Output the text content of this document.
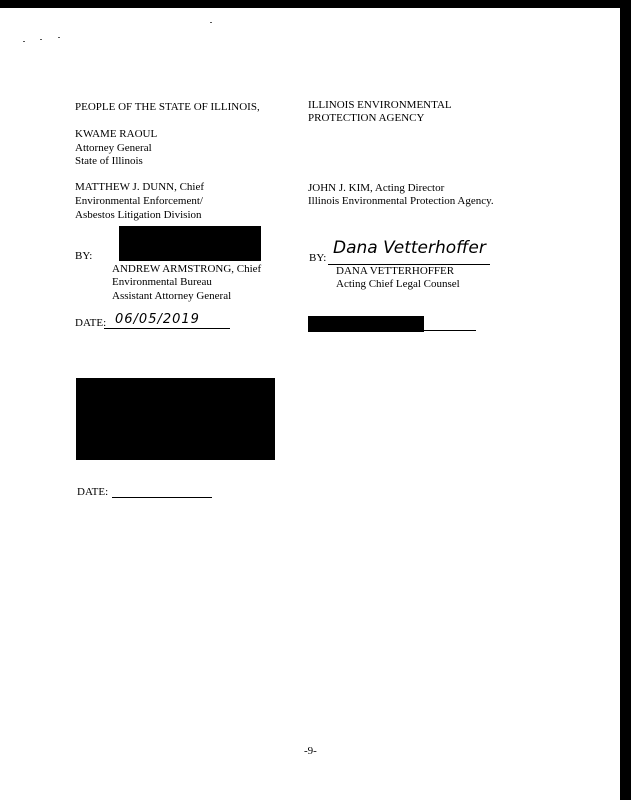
PEOPLE OF THE STATE OF ILLINOIS,
KWAME RAOUL
Attorney General
State of Illinois
MATTHEW J. DUNN, Chief
Environmental Enforcement/
Asbestos Litigation Division
BY:
ANDREW ARMSTRONG, Chief
Environmental Bureau
Assistant Attorney General
DATE: 06/05/2019
DATE:
ILLINOIS ENVIRONMENTAL
PROTECTION AGENCY
JOHN J. KIM, Acting Director
Illinois Environmental Protection Agency.
BY: Dana Vetterhoffer
DANA VETTERHOFFER
Acting Chief Legal Counsel
-9-
